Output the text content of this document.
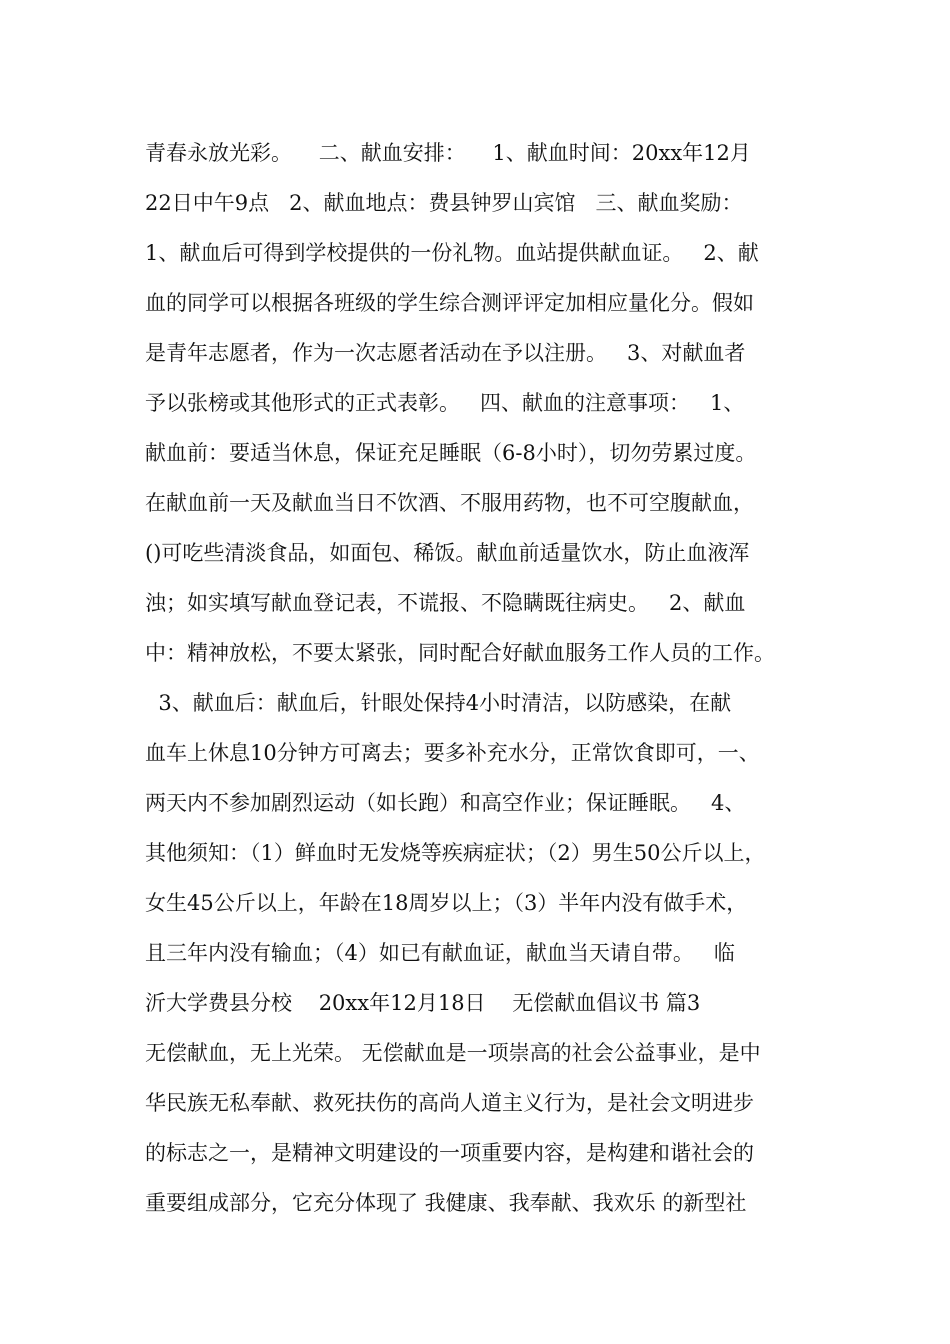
青春永放光彩。    二、献血安排：    1、献血时间：20xx年12月
22日中午9点   2、献血地点：费县钟罗山宾馆   三、献血奖励：
1、献血后可得到学校提供的一份礼物。血站提供献血证。   2、献
血的同学可以根据各班级的学生综合测评评定加相应量化分。假如
是青年志愿者，作为一次志愿者活动在予以注册。   3、对献血者
予以张榜或其他形式的正式表彰。   四、献血的注意事项：   1、
献血前：要适当休息，保证充足睡眠（6-8小时），切勿劳累过度。
在献血前一天及献血当日不饮酒、不服用药物，也不可空腹献血，
()可吃些清淡食品，如面包、稀饭。献血前适量饮水，防止血液浑
浊；如实填写献血登记表，不谎报、不隐瞒既往病史。   2、献血
中：精神放松，不要太紧张，同时配合好献血服务工作人员的工作。
3、献血后：献血后，针眼处保持4小时清洁，以防感染，在献
血车上休息10分钟方可离去；要多补充水分，正常饮食即可，一、
两天内不参加剧烈运动（如长跑）和高空作业；保证睡眠。   4、
其他须知：（1）鲜血时无发烧等疾病症状；（2）男生50公斤以上，
女生45公斤以上，年龄在18周岁以上；（3）半年内没有做手术，
且三年内没有输血；（4）如已有献血证，献血当天请自带。   临
沂大学费县分校    20xx年12月18日    无偿献血倡议书 篇3
无偿献血，无上光荣。 无偿献血是一项崇高的社会公益事业，是中
华民族无私奉献、救死扶伤的高尚人道主义行为，是社会文明进步
的标志之一，是精神文明建设的一项重要内容，是构建和谐社会的
重要组成部分，它充分体现了 我健康、我奉献、我欢乐 的新型社
